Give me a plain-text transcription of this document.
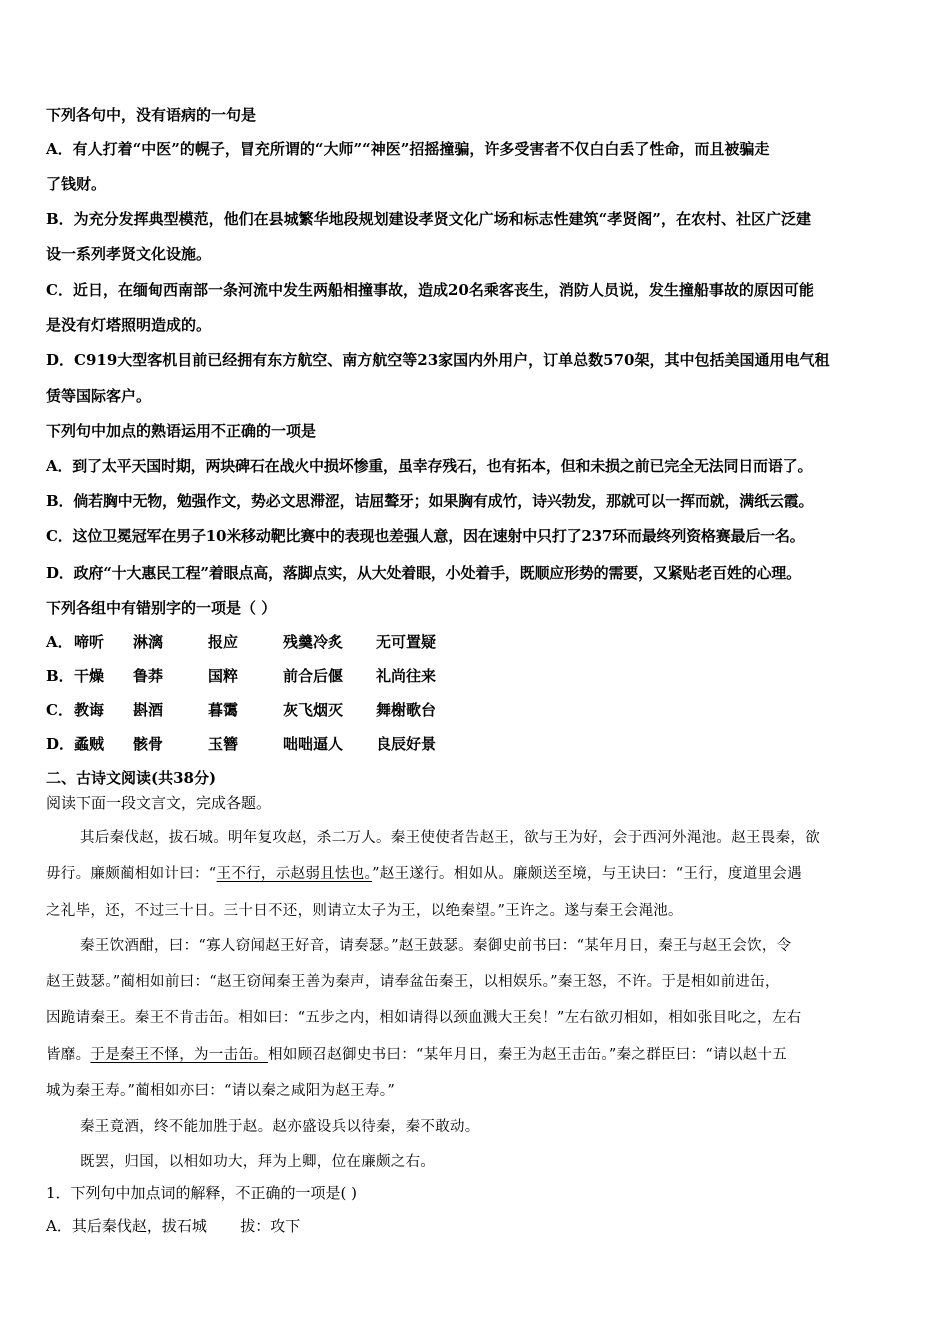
下列各句中，没有语病的一句是
A．有人打着“中医”的幌子，冒充所谓的“大师”“神医”招摇撞骗，许多受害者不仅白白丢了性命，而且被骗走
了钱财。
B．为充分发挥典型模范，他们在县城繁华地段规划建设孝贤文化广场和标志性建筑“孝贤阁”，在农村、社区广泛建
设一系列孝贤文化设施。
C．近日，在缅甸西南部一条河流中发生两船相撞事故，造成20名乘客丧生，消防人员说，发生撞船事故的原因可能
是没有灯塔照明造成的。
D．C919大型客机目前已经拥有东方航空、南方航空等23家国内外用户，订单总数570架，其中包括美国通用电气租
赁等国际客户。
下列句中加点的熟语运用不正确的一项是
A．到了太平天国时期，两块碑石在战火中损坏惨重，虽幸存残石，也有拓本，但和未损之前已完全无法同日而语了。
B．倘若胸中无物，勉强作文，势必文思滞涩，诘屈聱牙；如果胸有成竹，诗兴勃发，那就可以一挥而就，满纸云霞。
C．这位卫冕冠军在男子10米移动靶比赛中的表现也差强人意，因在速射中只打了237环而最终列资格赛最后一名。
D．政府“十大惠民工程”着眼点高，落脚点实，从大处着眼，小处着手，既顺应形势的需要，又紧贴老百姓的心理。
下列各组中有错别字的一项是（ ）
A． 啼听 淋漓	报应	残羹冷炙 无可置疑
B． 干燥 鲁莽	国粹	前合后偃 礼尚往来
C． 教诲 斟酒	暮霭	灰飞烟灭 舞榭歌台
D． 蟊贼 骸骨	玉簪	咄咄逼人 良辰好景
二、古诗文阅读(共38分)
阅读下面一段文言文，完成各题。
其后秦伐赵，拔石城。明年复攻赵，杀二万人。秦王使使者告赵王，欲与王为好，会于西河外渑池。赵王畏秦，欲
毋行。廉颇蔺相如计曰：“王不行，示赵弱且怯也。”赵王遂行。相如从。廉颇送至境，与王诀曰：“王行，度道里会遇
之礼毕，还，不过三十日。三十日不还，则请立太子为王，以绝秦望。”王许之。遂与秦王会渑池。
秦王饮酒酣，曰：“寡人窃闻赵王好音，请奏瑟。”赵王鼓瑟。秦御史前书曰：“某年月日，秦王与赵王会饮，令
赵王鼓瑟。”蔺相如前曰：“赵王窃闻秦王善为秦声，请奉盆缶秦王，以相娱乐。”秦王怒，不许。于是相如前进缶，
因跪请秦王。秦王不肯击缶。相如曰：“五步之内，相如请得以颈血溅大王矣！”左右欲刃相如，相如张目叱之，左右
皆靡。于是秦王不怿，为一击缶。相如顾召赵御史书曰：“某年月日，秦王为赵王击缶。”秦之群臣曰：“请以赵十五
城为秦王寿。”蔺相如亦曰：“请以秦之咸阳为赵王寿。”
秦王竟酒，终不能加胜于赵。赵亦盛设兵以待秦，秦不敢动。
既罢，归国，以相如功大，拜为上卿，位在廉颇之右。
1．下列句中加点词的解释，不正确的一项是( )
A．其后秦伐赵，拔石城       拔：攻下
